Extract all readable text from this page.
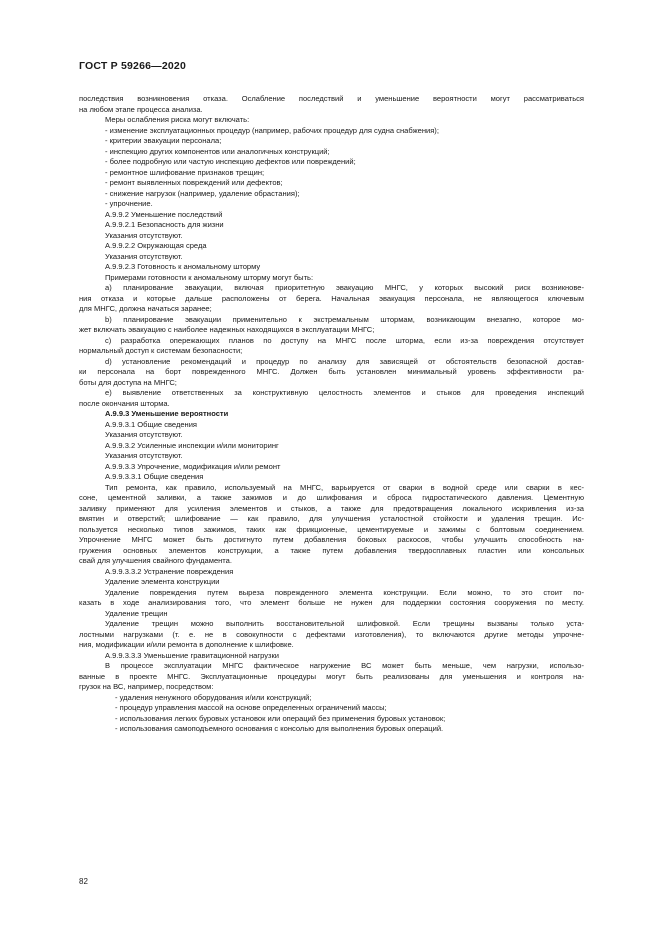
ГОСТ Р 59266—2020
последствия возникновения отказа. Ослабление последствий и уменьшение вероятности могут рассматриваться
на любом этапе процесса анализа.
Меры ослабления риска могут включать:
- изменение эксплуатационных процедур (например, рабочих процедур для судна снабжения);
- критерии эвакуации персонала;
- инспекцию других компонентов или аналогичных конструкций;
- более подробную или частую инспекцию дефектов или повреждений;
- ремонтное шлифование признаков трещин;
- ремонт выявленных повреждений или дефектов;
- снижение нагрузок (например, удаление обрастания);
- упрочнение.
А.9.9.2 Уменьшение последствий
А.9.9.2.1 Безопасность для жизни
Указания отсутствуют.
А.9.9.2.2 Окружающая среда
Указания отсутствуют.
А.9.9.2.3 Готовность к аномальному шторму
Примерами готовности к аномальному шторму могут быть:
а) планирование эвакуации, включая приоритетную эвакуацию МНГС, у которых высокий риск возникнове-
ния отказа и которые дальше расположены от берега. Начальная эвакуация персонала, не являющегося ключевым
для МНГС, должна начаться заранее;
b) планирование эвакуации применительно к экстремальным штормам, возникающим внезапно, которое мо-
жет включать эвакуацию с наиболее надежных находящихся в эксплуатации МНГС;
с) разработка опережающих планов по доступу на МНГС после шторма, если из-за повреждения отсутствует
нормальный доступ к системам безопасности;
d) установление рекомендаций и процедур по анализу для зависящей от обстоятельств безопасной достав-
ки персонала на борт поврежденного МНГС. Должен быть установлен минимальный уровень эффективности ра-
боты для доступа на МНГС;
е) выявление ответственных за конструктивную целостность элементов и стыков для проведения инспекций
после окончания шторма.
А.9.9.3 Уменьшение вероятности
А.9.9.3.1 Общие сведения
Указания отсутствуют.
А.9.9.3.2 Усиленные инспекции и/или мониторинг
Указания отсутствуют.
А.9.9.3.3 Упрочнение, модификация и/или ремонт
А.9.9.3.3.1 Общие сведения
Тип ремонта, как правило, используемый на МНГС, варьируется от сварки в водной среде или сварки в кес-
соне, цементной заливки, а также зажимов и до шлифования и сброса гидростатического давления. Цементную
заливку применяют для усиления элементов и стыков, а также для предотвращения локального искривления из-за
вмятин и отверстий; шлифование — как правило, для улучшения усталостной стойкости и удаления трещин. Ис-
пользуется несколько типов зажимов, таких как фрикционные, цементируемые и зажимы с болтовым соединением.
Упрочнение МНГС может быть достигнуто путем добавления боковых раскосов, чтобы улучшить способность на-
гружения основных элементов конструкции, а также путем добавления твердосплавных пластин или консольных
свай для улучшения свайного фундамента.
А.9.9.3.3.2 Устранение повреждения
Удаление элемента конструкции
Удаление повреждения путем выреза поврежденного элемента конструкции. Если можно, то это стоит по-
казать в ходе анализирования того, что элемент больше не нужен для поддержки состояния сооружения по месту.
Удаление трещин
Удаление трещин можно выполнить восстановительной шлифовкой. Если трещины вызваны только уста-
лостными нагрузками (т. е. не в совокупности с дефектами изготовления), то включаются другие методы упрочне-
ния, модификации и/или ремонта в дополнение к шлифовке.
А.9.9.3.3.3 Уменьшение гравитационной нагрузки
В процессе эксплуатации МНГС фактическое нагружение ВС может быть меньше, чем нагрузки, использо-
ванные в проекте МНГС. Эксплуатационные процедуры могут быть реализованы для уменьшения и контроля на-
грузок на ВС, например, посредством:
- удаления ненужного оборудования и/или конструкций;
- процедур управления массой на основе определенных ограничений массы;
- использования легких буровых установок или операций без применения буровых установок;
- использования самоподъемного основания с консолью для выполнения буровых операций.
82
